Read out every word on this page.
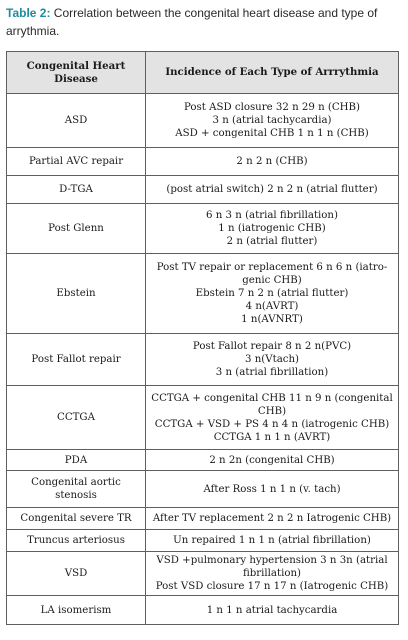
Table 2: Correlation between the congenital heart disease and type of arrythmia.
Congenital Heart Disease	Incidence of Each Type of Arrrythmia
ASD	Post ASD closure 32 n 29 n (CHB)
3 n (atrial tachycardia)
ASD + congenital CHB 1 n 1 n (CHB)
Partial AVC repair	2 n 2 n (CHB)
D-TGA	(post atrial switch) 2 n 2 n (atrial flutter)
Post Glenn	6 n 3 n (atrial fibrillation)
1 n (iatrogenic CHB)
2 n (atrial flutter)
Ebstein	Post TV repair or replacement 6 n 6 n (iatro-genic CHB)
Ebstein 7 n 2 n (atrial flutter)
4 n(AVRT)
1 n(AVNRT)
Post Fallot repair	Post Fallot repair 8 n 2 n(PVC)
3 n(Vtach)
3 n (atrial fibrillation)
CCTGA	CCTGA + congenital CHB 11 n 9 n (congenital CHB)
CCTGA + VSD + PS 4 n 4 n (iatrogenic CHB)
CCTGA 1 n 1 n (AVRT)
PDA	2 n 2n (congenital CHB)
Congenital aortic stenosis	After Ross 1 n 1 n (v. tach)
Congenital severe TR	After TV replacement 2 n 2 n Iatrogenic CHB)
Truncus arteriosus	Un repaired 1 n 1 n (atrial fibrillation)
VSD	VSD +pulmonary hypertension 3 n 3n (atrial fibrillation)
Post VSD closure 17 n 17 n (Iatrogenic CHB)
LA isomerism	1 n 1 n atrial tachycardia
